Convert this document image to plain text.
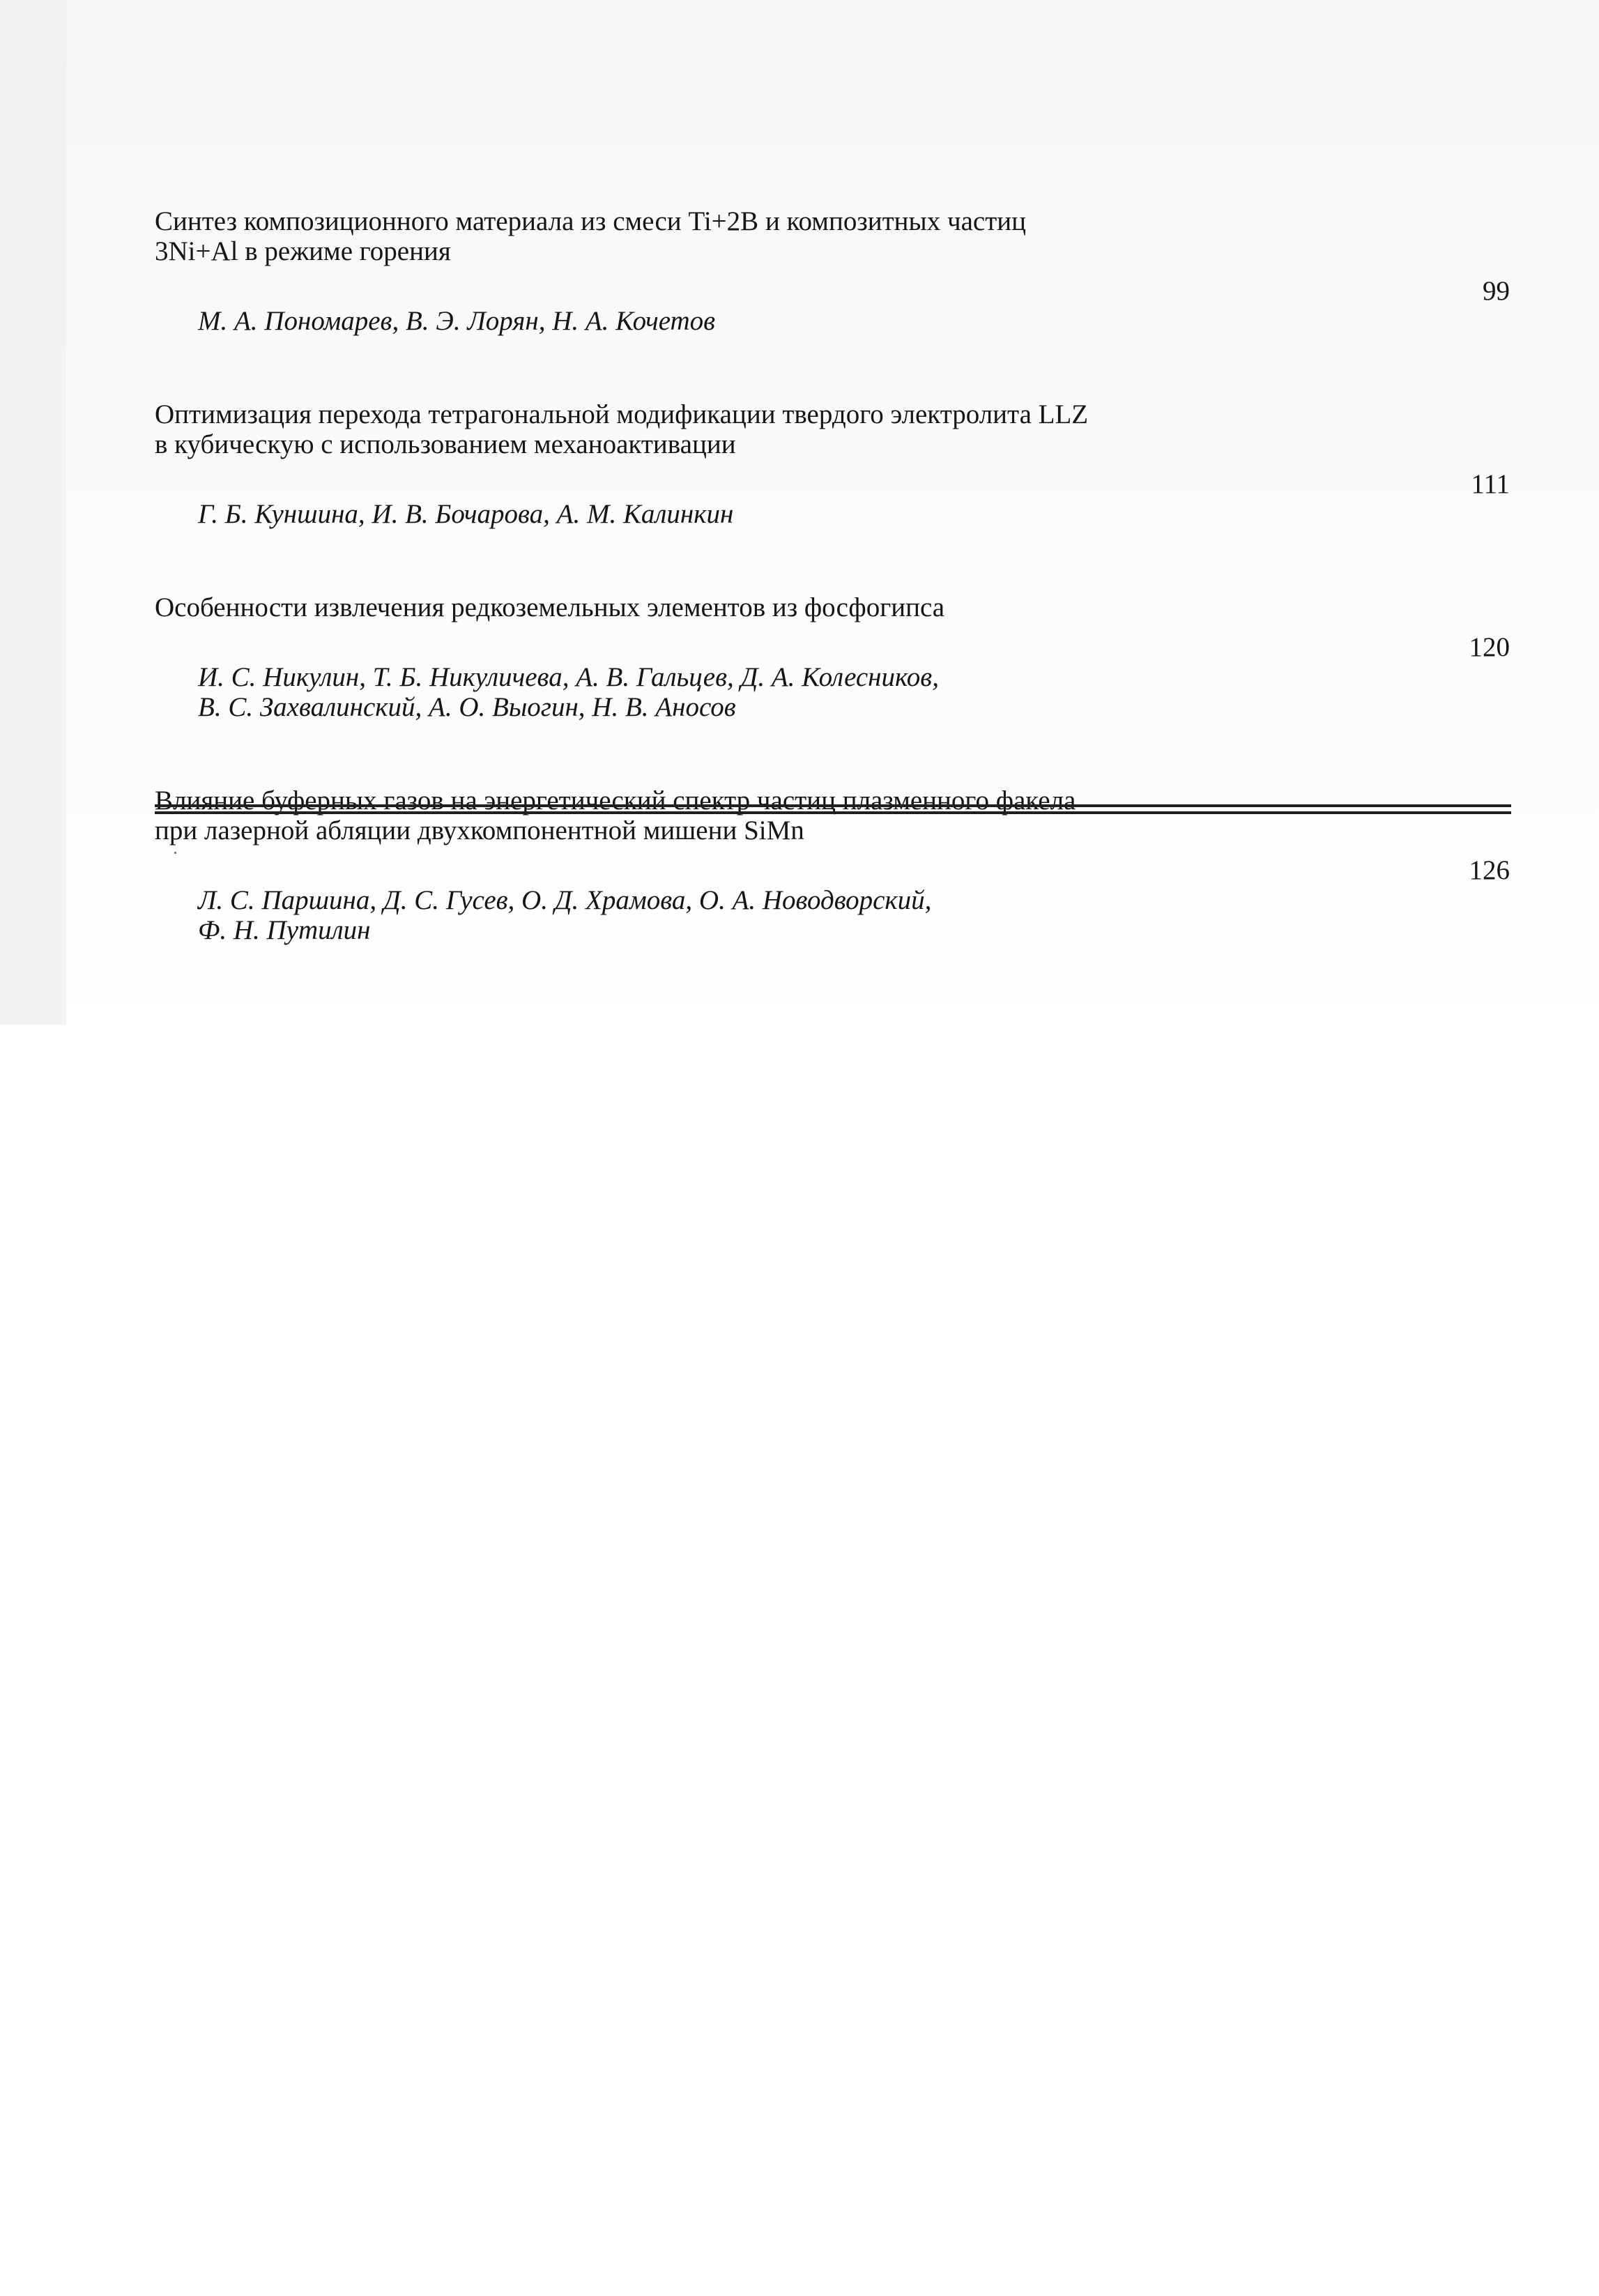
Синтез композиционного материала из смеси Ti+2B и композитных частиц
3Ni+Al в режиме горения

М. А. Пономарев, В. Э. Лорян, Н. А. Кочетов

99

Оптимизация перехода тетрагональной модификации твердого электролита LLZ
в кубическую с использованием механоактивации

Г. Б. Куншина, И. В. Бочарова, А. М. Калинкин

111

Особенности извлечения редкоземельных элементов из фосфогипса

И. С. Никулин, Т. Б. Никуличева, А. В. Гальцев, Д. А. Колесников,
В. С. Захвалинский, А. О. Выогин, Н. В. Аносов

120

Влияние буферных газов на энергетический спектр частиц плазменного факела
при лазерной абляции двухкомпонентной мишени SiMn

Л. С. Паршина, Д. С. Гусев, О. Д. Храмова, О. А. Новодворский,
Ф. Н. Путилин

126
